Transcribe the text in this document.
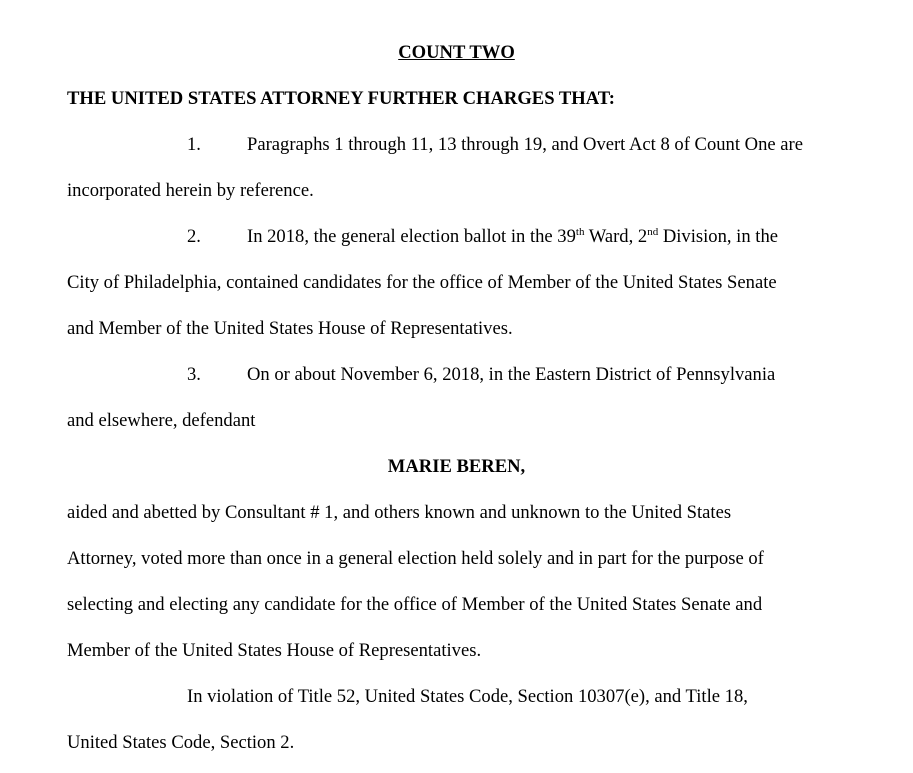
COUNT TWO
THE UNITED STATES ATTORNEY FURTHER CHARGES THAT:
1. Paragraphs 1 through 11, 13 through 19, and Overt Act 8 of Count One are
incorporated herein by reference.
2. In 2018, the general election ballot in the 39th Ward, 2nd Division, in the
City of Philadelphia, contained candidates for the office of Member of the United States Senate
and Member of the United States House of Representatives.
3. On or about November 6, 2018, in the Eastern District of Pennsylvania
and elsewhere, defendant
MARIE BEREN,
aided and abetted by Consultant # 1, and others known and unknown to the United States
Attorney, voted more than once in a general election held solely and in part for the purpose of
selecting and electing any candidate for the office of Member of the United States Senate and
Member of the United States House of Representatives.
In violation of Title 52, United States Code, Section 10307(e), and Title 18,
United States Code, Section 2.
